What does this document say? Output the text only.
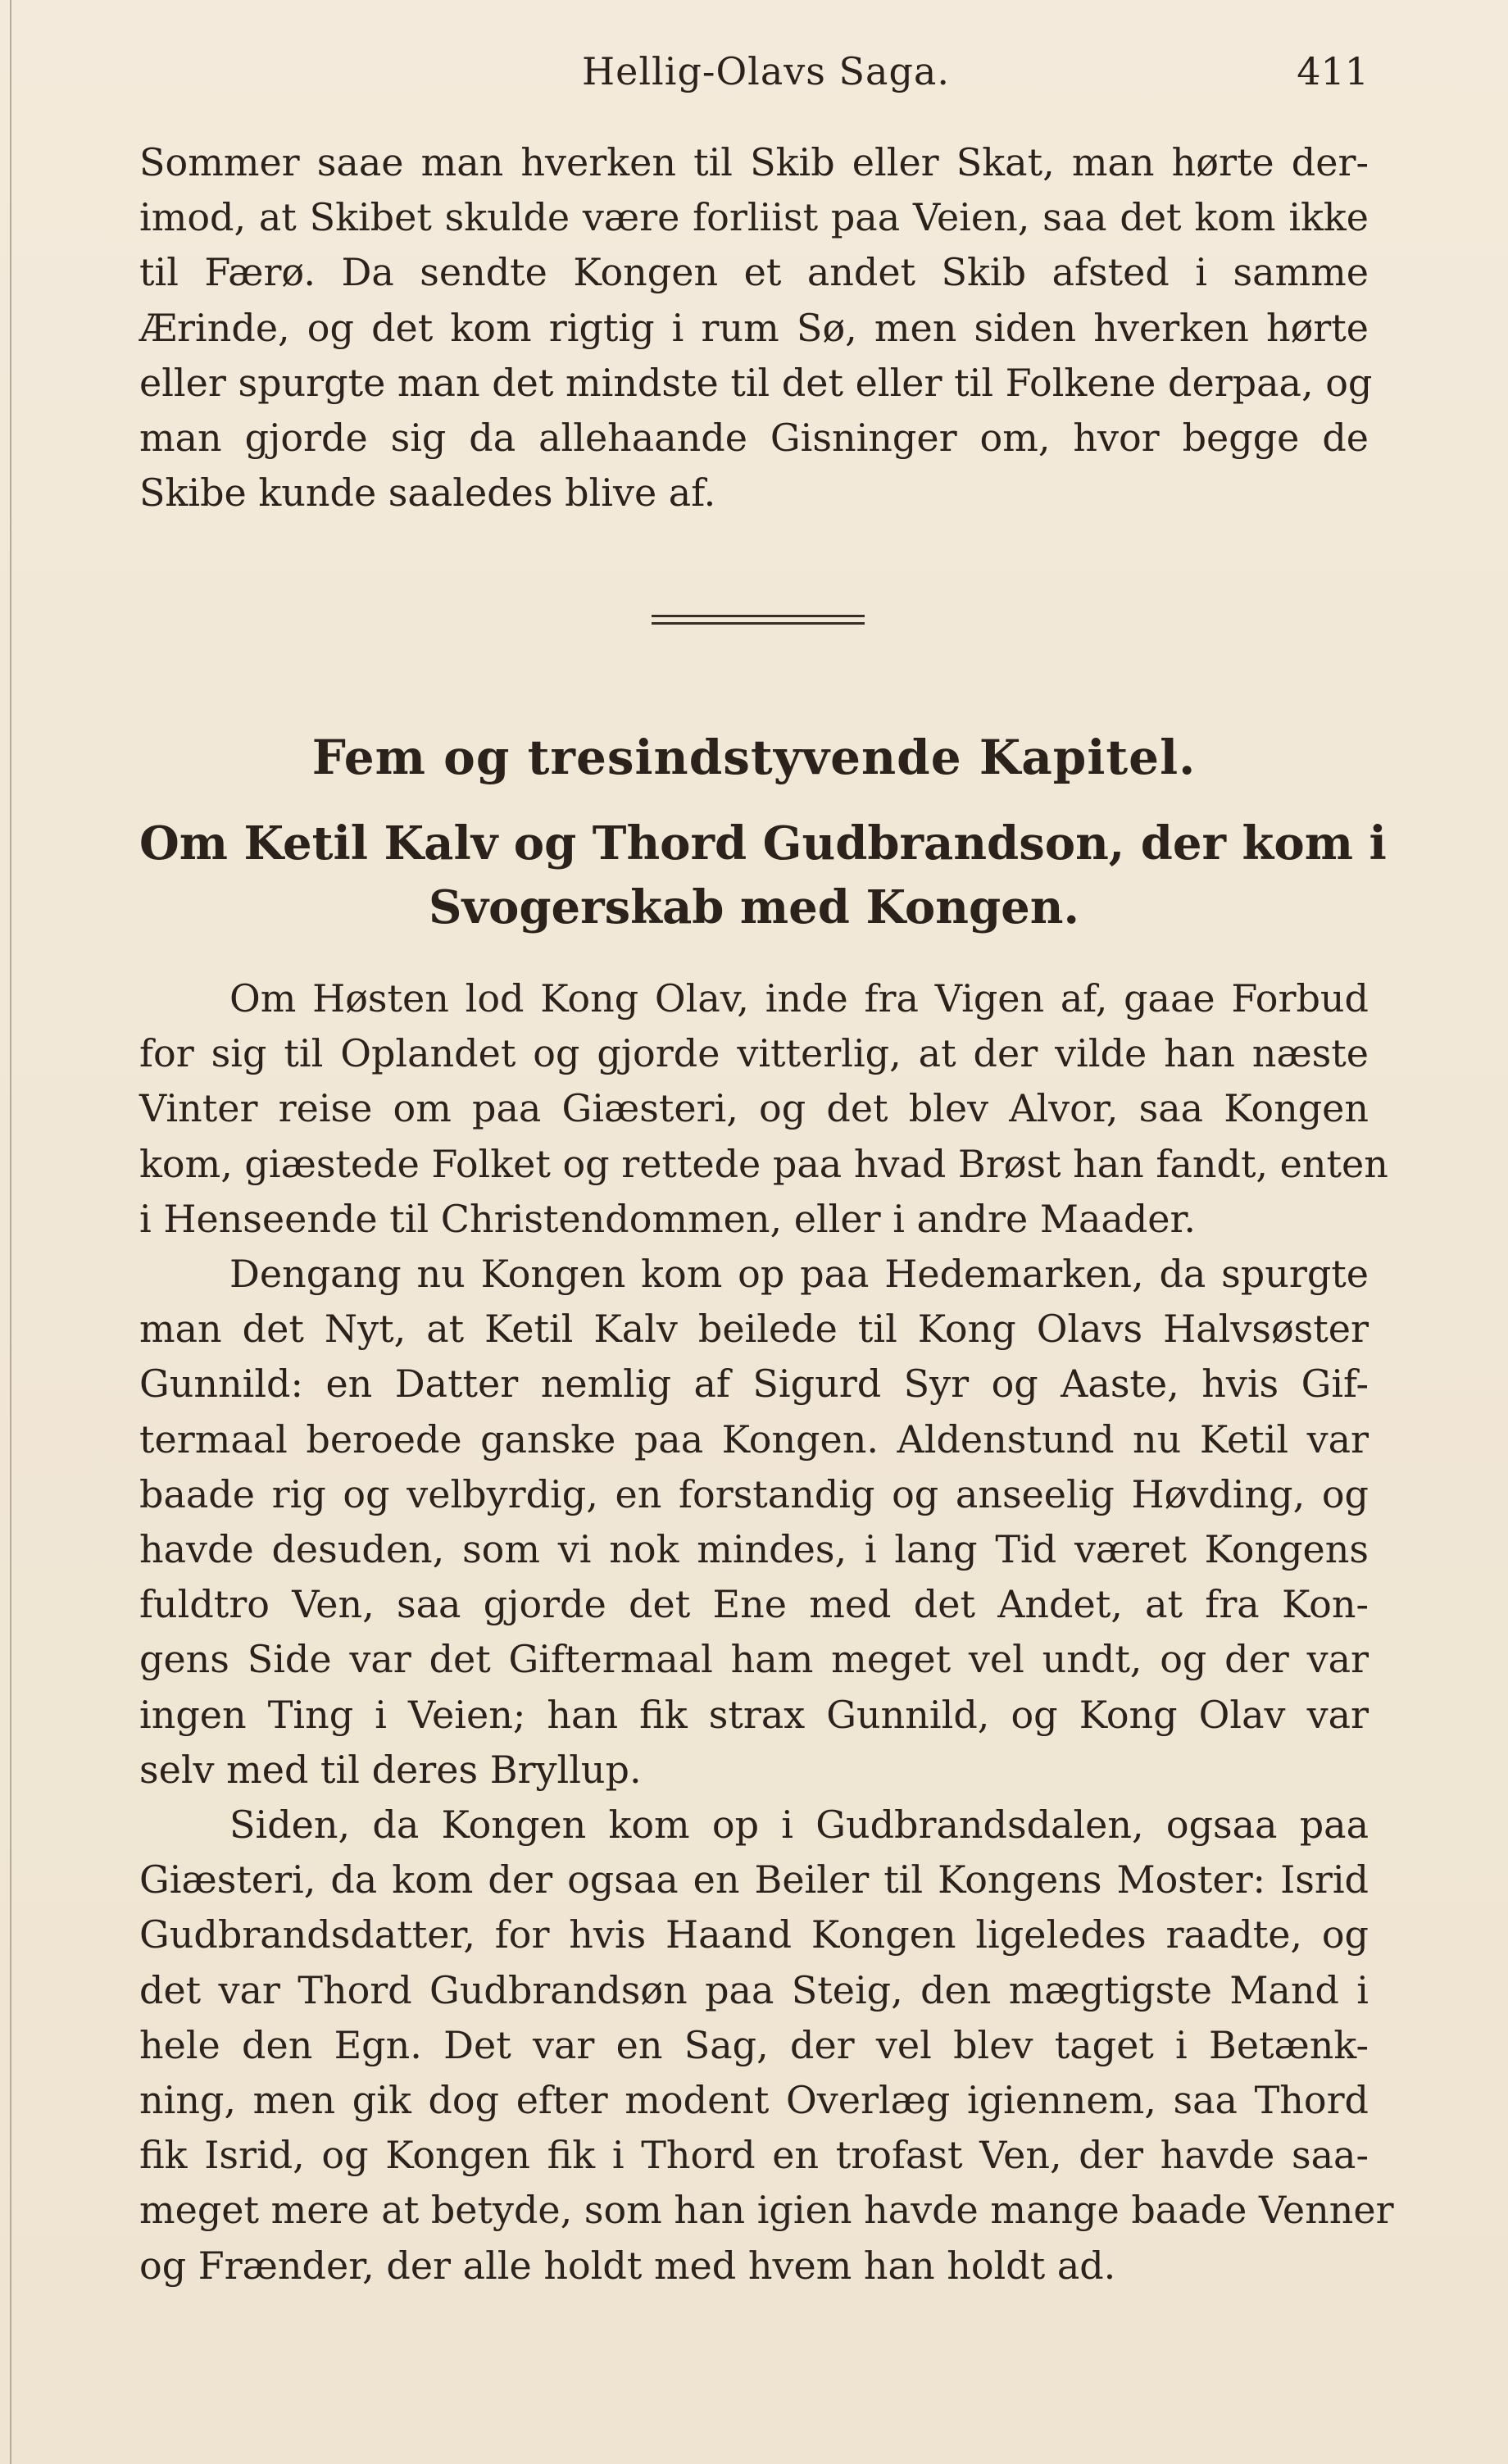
Hellig-Olavs Saga.	411
Sommer saae man hverken til Skib eller Skat, man hørte der-
imod, at Skibet skulde være forliist paa Veien, saa det kom ikke
til Færø. Da sendte Kongen et andet Skib afsted i samme
Ærinde, og det kom rigtig i rum Sø, men siden hverken hørte
eller spurgte man det mindste til det eller til Folkene derpaa, og
man gjorde sig da allehaande Gisninger om, hvor begge de
Skibe kunde saaledes blive af.
Fem og tresindstyvende Kapitel.
Om Ketil Kalv og Thord Gudbrandson, der kom i
Svogerskab med Kongen.
Om Høsten lod Kong Olav, inde fra Vigen af, gaae Forbud
for sig til Oplandet og gjorde vitterlig, at der vilde han næste
Vinter reise om paa Giæsteri, og det blev Alvor, saa Kongen
kom, giæstede Folket og rettede paa hvad Brøst han fandt, enten
i Henseende til Christendommen, eller i andre Maader.
Dengang nu Kongen kom op paa Hedemarken, da spurgte
man det Nyt, at Ketil Kalv beilede til Kong Olavs Halvsøster
Gunnild: en Datter nemlig af Sigurd Syr og Aaste, hvis Gif-
termaal beroede ganske paa Kongen. Aldenstund nu Ketil var
baade rig og velbyrdig, en forstandig og anseelig Høvding, og
havde desuden, som vi nok mindes, i lang Tid været Kongens
fuldtro Ven, saa gjorde det Ene med det Andet, at fra Kon-
gens Side var det Giftermaal ham meget vel undt, og der var
ingen Ting i Veien; han fik strax Gunnild, og Kong Olav var
selv med til deres Bryllup.
Siden, da Kongen kom op i Gudbrandsdalen, ogsaa paa
Giæsteri, da kom der ogsaa en Beiler til Kongens Moster: Isrid
Gudbrandsdatter, for hvis Haand Kongen ligeledes raadte, og
det var Thord Gudbrandsøn paa Steig, den mægtigste Mand i
hele den Egn. Det var en Sag, der vel blev taget i Betænk-
ning, men gik dog efter modent Overlæg igiennem, saa Thord
fik Isrid, og Kongen fik i Thord en trofast Ven, der havde saa-
meget mere at betyde, som han igien havde mange baade Venner
og Frænder, der alle holdt med hvem han holdt ad.
